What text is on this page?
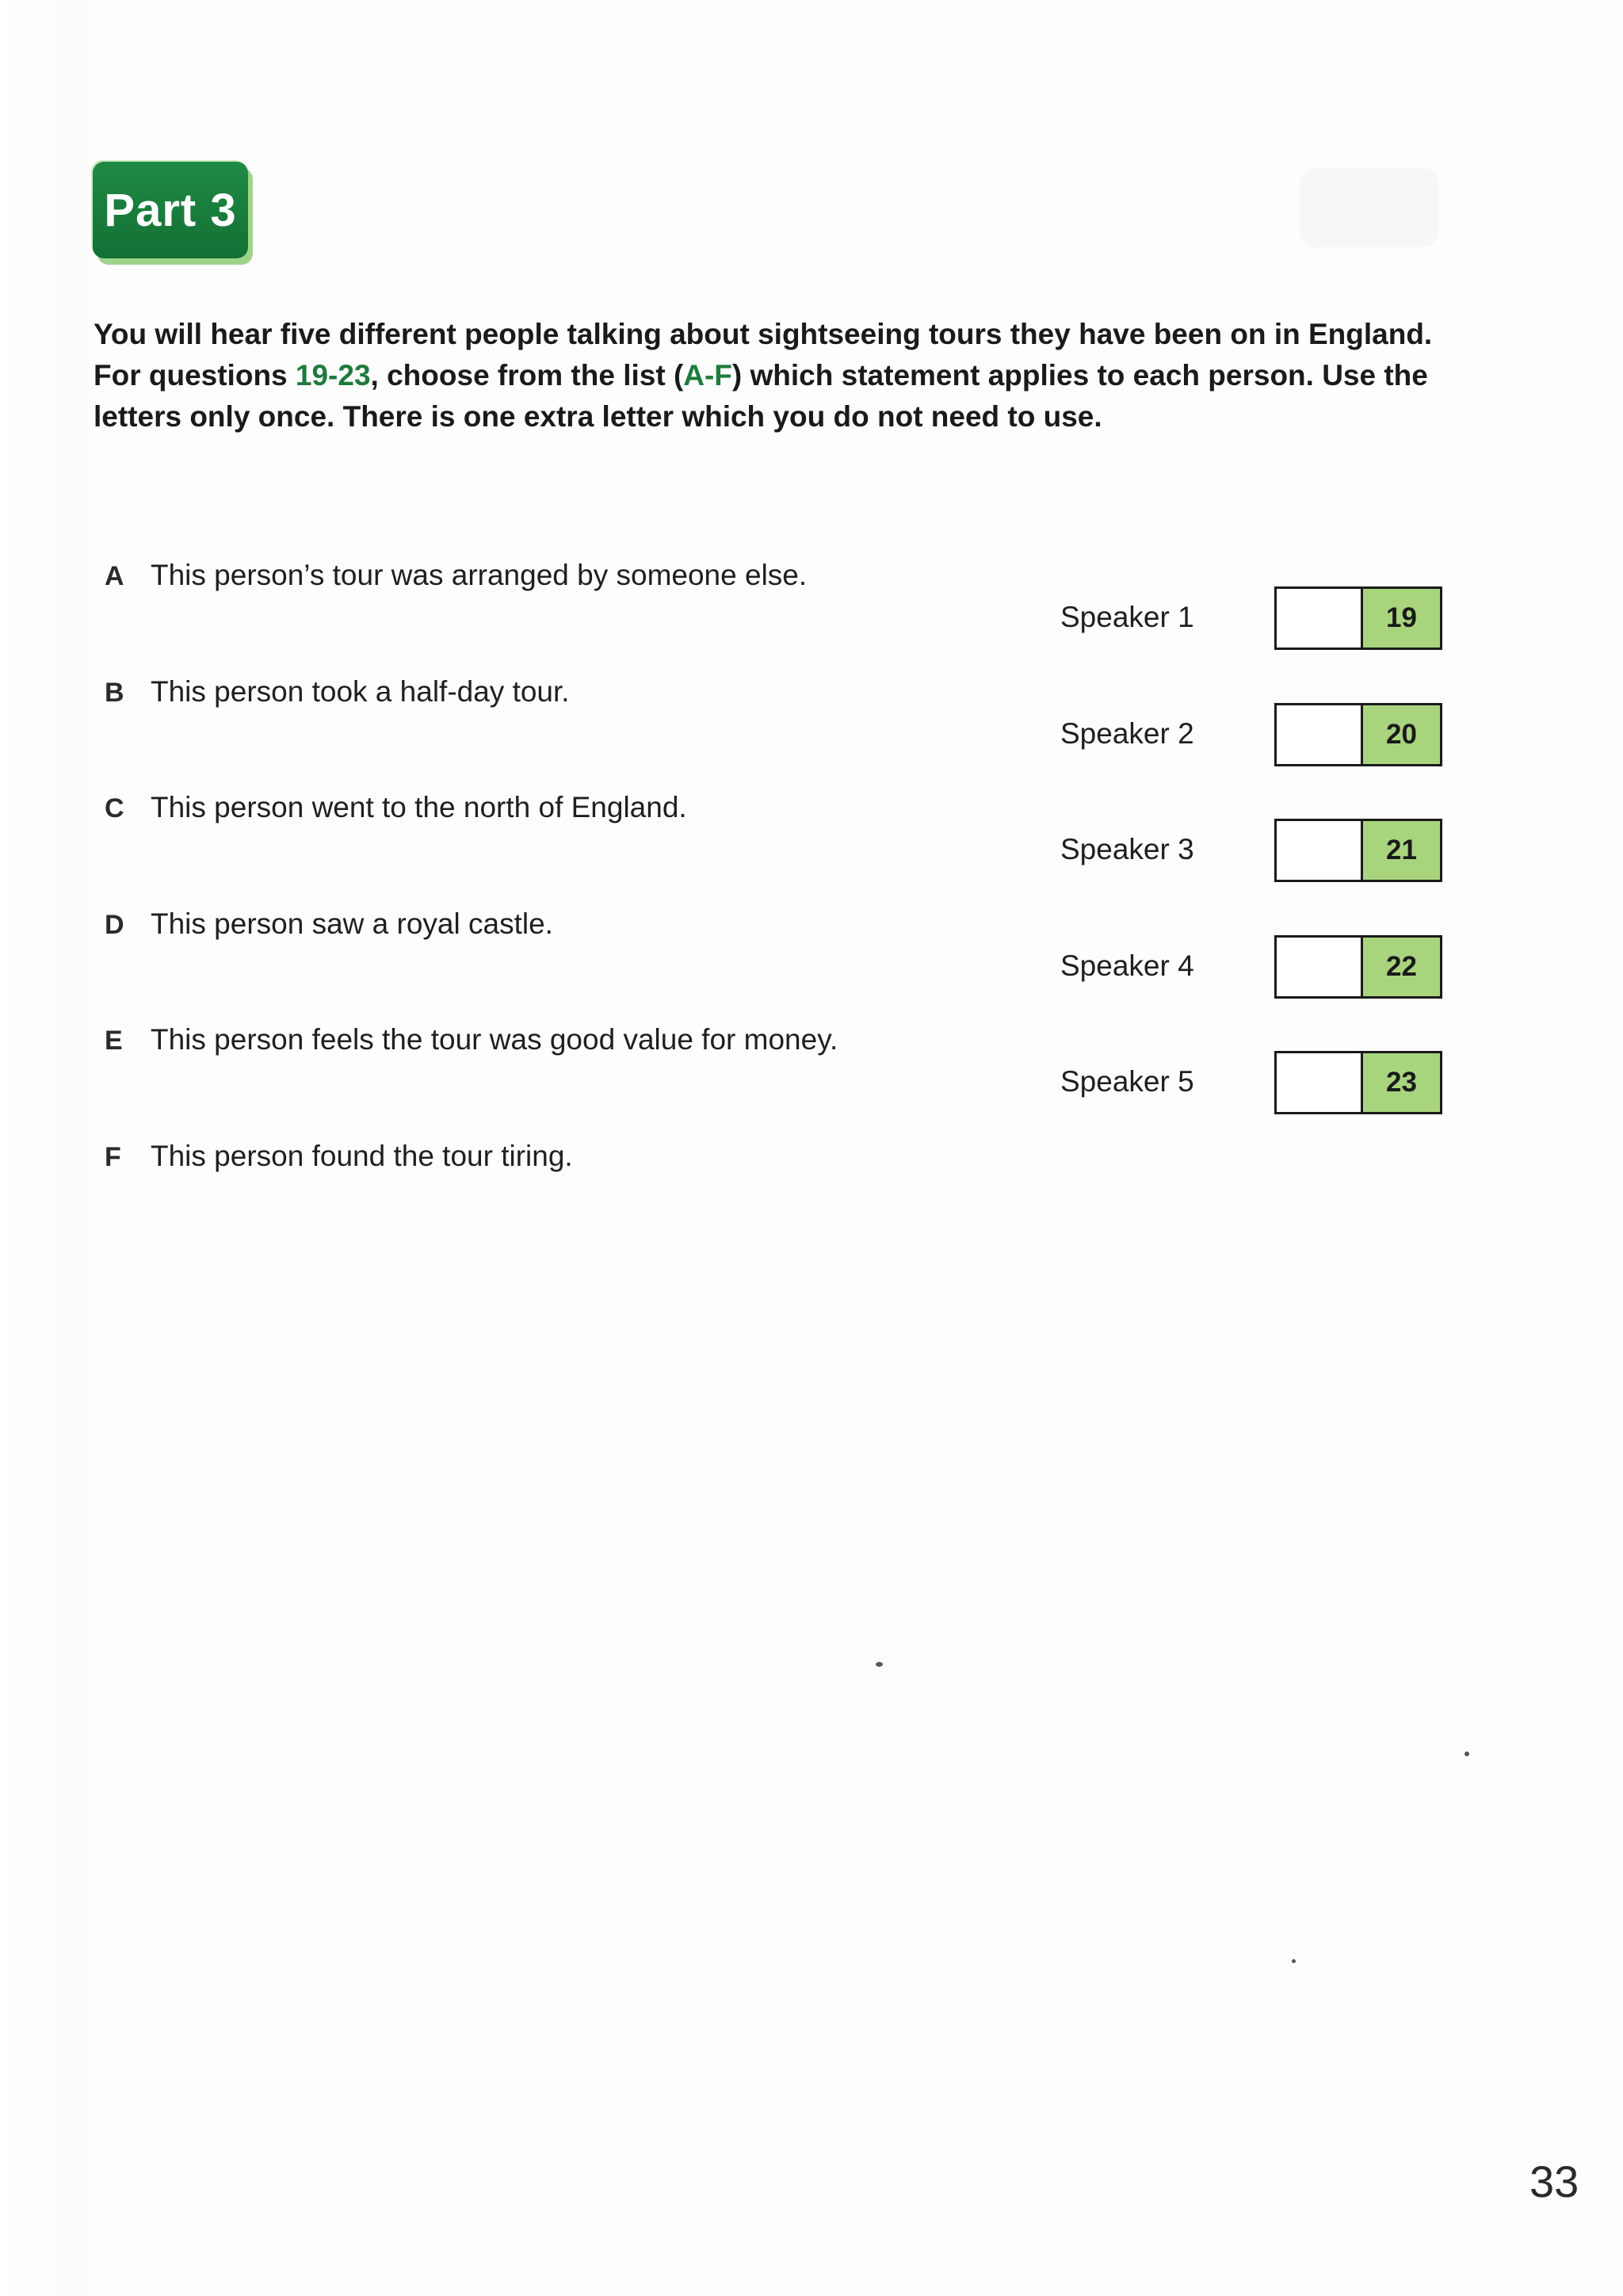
Part 3
You will hear five different people talking about sightseeing tours they have been on in England. For questions 19-23, choose from the list (A-F) which statement applies to each person. Use the letters only once. There is one extra letter which you do not need to use.
A This person’s tour was arranged by someone else.
B This person took a half-day tour.
C This person went to the north of England.
D This person saw a royal castle.
E This person feels the tour was good value for money.
F	This person found the tour tiring.
Speaker 1	19
Speaker 2	20
Speaker 3	21
Speaker 4	22
Speaker 5	23
33
